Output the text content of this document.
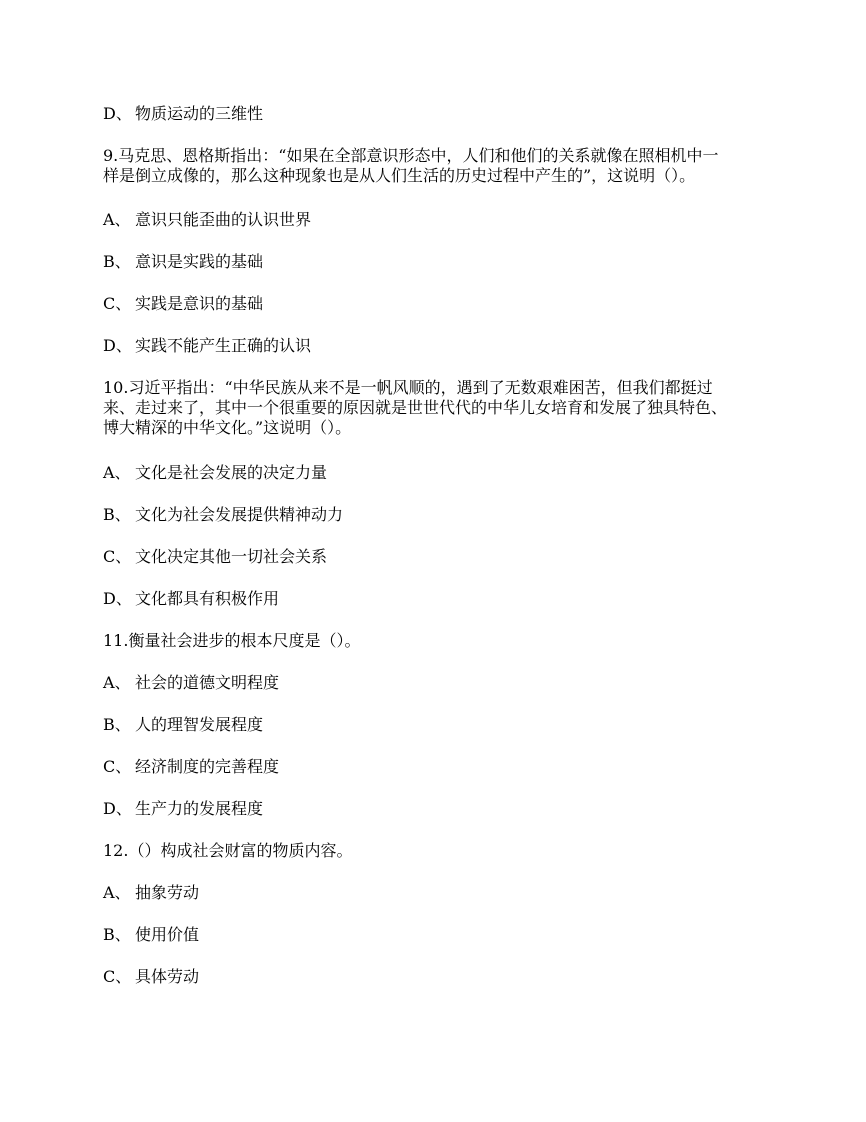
D、 物质运动的三维性

9.马克思、恩格斯指出：“如果在全部意识形态中，人们和他们的关系就像在照相机中一
样是倒立成像的，那么这种现象也是从人们生活的历史过程中产生的”，这说明（）。

A、 意识只能歪曲的认识世界

B、 意识是实践的基础

C、 实践是意识的基础

D、 实践不能产生正确的认识

10.习近平指出：“中华民族从来不是一帆风顺的，遇到了无数艰难困苦，但我们都挺过
来、走过来了，其中一个很重要的原因就是世世代代的中华儿女培育和发展了独具特色、
博大精深的中华文化。”这说明（）。

A、 文化是社会发展的决定力量

B、 文化为社会发展提供精神动力

C、 文化决定其他一切社会关系

D、 文化都具有积极作用

11.衡量社会进步的根本尺度是（）。

A、 社会的道德文明程度

B、 人的理智发展程度

C、 经济制度的完善程度

D、 生产力的发展程度

12.（）构成社会财富的物质内容。

A、 抽象劳动

B、 使用价值

C、 具体劳动
